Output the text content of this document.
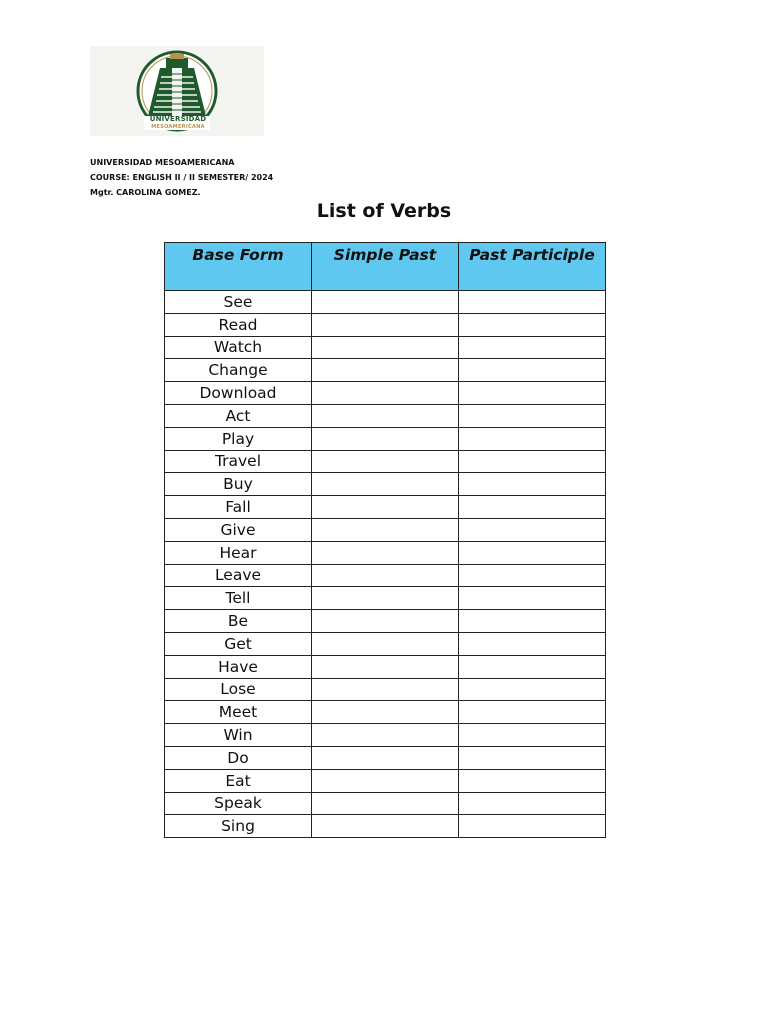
UNIVERSIDAD
MESOAMERICANA
UNIVERSIDAD MESOAMERICANA
COURSE: ENGLISH II / II SEMESTER/ 2024
Mgtr. CAROLINA GOMEZ.
List of Verbs
Base Form	Simple Past	Past Participle
See		
Read		
Watch		
Change		
Download		
Act		
Play		
Travel		
Buy		
Fall		
Give		
Hear		
Leave		
Tell		
Be		
Get		
Have		
Lose		
Meet		
Win		
Do		
Eat		
Speak		
Sing		
